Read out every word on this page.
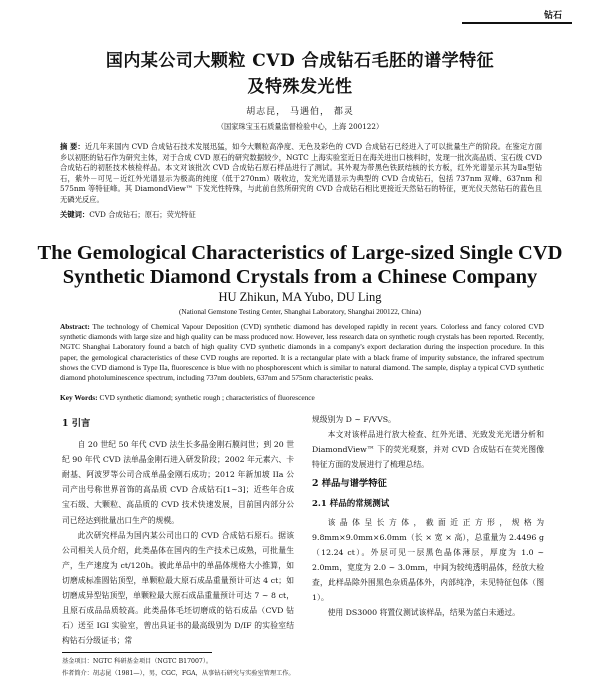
钻石
国内某公司大颗粒 CVD 合成钻石毛胚的谱学特征
及特殊发光性
胡志昆， 马遇伯， 都灵
（国家珠宝玉石质量监督检验中心，上海 200122）
摘 要：近几年来国内 CVD 合成钻石技术发展迅猛，如今大颗粒高净度、无色及彩色的 CVD 合成钻石已经进入了可以批量生产的阶段。在鉴定方面乡以初胚的钻石作为研究主体，对于合成 CVD 原石的研究数据较少，NGTC 上海实验室近日在海关进出口核料时，发现一批次高品质、宝石级 CVD 合成钻石的初胚技术核检样品。本文对该批次 CVD 合成钻石原石样品进行了测试。其外观为带黑色铁跃结核的长方板，红外光谱显示其为Ⅱa型钻石，紫外－可见－近红外光谱显示为极高的纯度（低于270nm）吸收边，发光光谱显示为典型的 CVD 合成钻石，包括 737nm 双峰、637nm 和 575nm 等特征峰。其 DiamondView™ 下发光性特殊，与此前自然所研究的 CVD 合成钻石相比更接近天然钻石的特征，更光仪天然钻石的蓝色且无磷光反应。
关键词：CVD 合成钻石；原石；荧光特征
The Gemological Characteristics of Large-sized Single CVD
Synthetic Diamond Crystals from a Chinese Company
HU Zhikun, MA Yubo, DU Ling
(National Gemstone Testing Center, Shanghai Laboratory, Shanghai 200122, China)
Abstract: The technology of Chemical Vapour Deposition (CVD) synthetic diamond has developed rapidly in recent years. Colorless and fancy colored CVD synthetic diamonds with large size and high quality can be mass produced now. However, less research data on synthetic rough crystals has been reported. Recently, NGTC Shanghai Laboratory found a batch of high quality CVD synthetic diamonds in a company's export declaration during the inspection procedure. In this paper, the gemological characteristics of these CVD roughs are reported. It is a rectangular plate with a black frame of impurity substance, the infrared spectrum shows the CVD diamond is Type IIa, fluorescence is blue with no phosphorescent which is similar to natural diamond. The sample, display a typical CVD synthetic diamond photoluminescence spectrum, including 737nm doublets, 637nm and 575nm characteristic peaks.
Key Words: CVD synthetic diamond; synthetic rough ; characteristics of fluorescence
1 引言

自 20 世纪 50 年代 CVD 法生长多晶金刚石膜问世；到 20 世纪 90 年代 CVD 法单晶金刚石进入研发阶段；2002 年元素六、卡耐基、阿波罗等公司合成单晶金刚石成功；2012 年新加坡 IIa 公司产出号称世界首饰的高品质 CVD 合成钻石[1~3]；近些年合成宝石级、大颗粒、高品质的 CVD 技术快速发展，目前国内部分公司已经达到批量出口生产的规模。

此次研究样品为国内某公司出口的 CVD 合成钻石原石。据该公司相关人员介绍，此类晶体在国内的生产技术已成熟，可批量生产，生产速度为 ct/120h。被此单品中的单晶体规格大小推算，如切磨成标准圆钻顶型，单颗粒最大原石成品重量预计可达 4 ct；如切磨成异型钻顶型，单颗粒最大原石成品重量预计可达 7 ~ 8 ct，且原石成品品质较高。此类晶体毛坯切磨成的钻石成品（CVD 钻石）送至 IGI 实验室，曾出具证书的最高级别为 D/IF 的实验室结构钻石分级证书；常

规级别为 D ~ F/VVS。

本文对该样品进行放大检查、红外光谱、光致发光光谱分析和 DiamondView™ 下的荧光观察，并对 CVD 合成钻石在荧光图像特征方面的发展进行了梳理总结。

2 样品与谱学特征
2.1 样品的常规测试

该晶体呈长方体，截面近正方形，规格为 9.8mm×9.0mm×6.0mm（长 × 宽 × 高），总重量为 2.4496 g（12.24 ct）。外层可见一层黑色晶体薄层，厚度为 1.0 ~ 2.0mm，宽度为 2.0 ~ 3.0mm，中间为较纯透明晶体，经放大检查，此样品除外围黑色杂质晶体外，内部纯净，未见特征包体（图 1）。

使用 DS3000 将置仪测试该样品，结果为蓝白未通过。

基金项目：NGTC 科研基金项目（NGTC B17007）。
作者简介：胡志昆（1981—），男，CGC，FGA，从事钻石研究与实验室管理工作。
